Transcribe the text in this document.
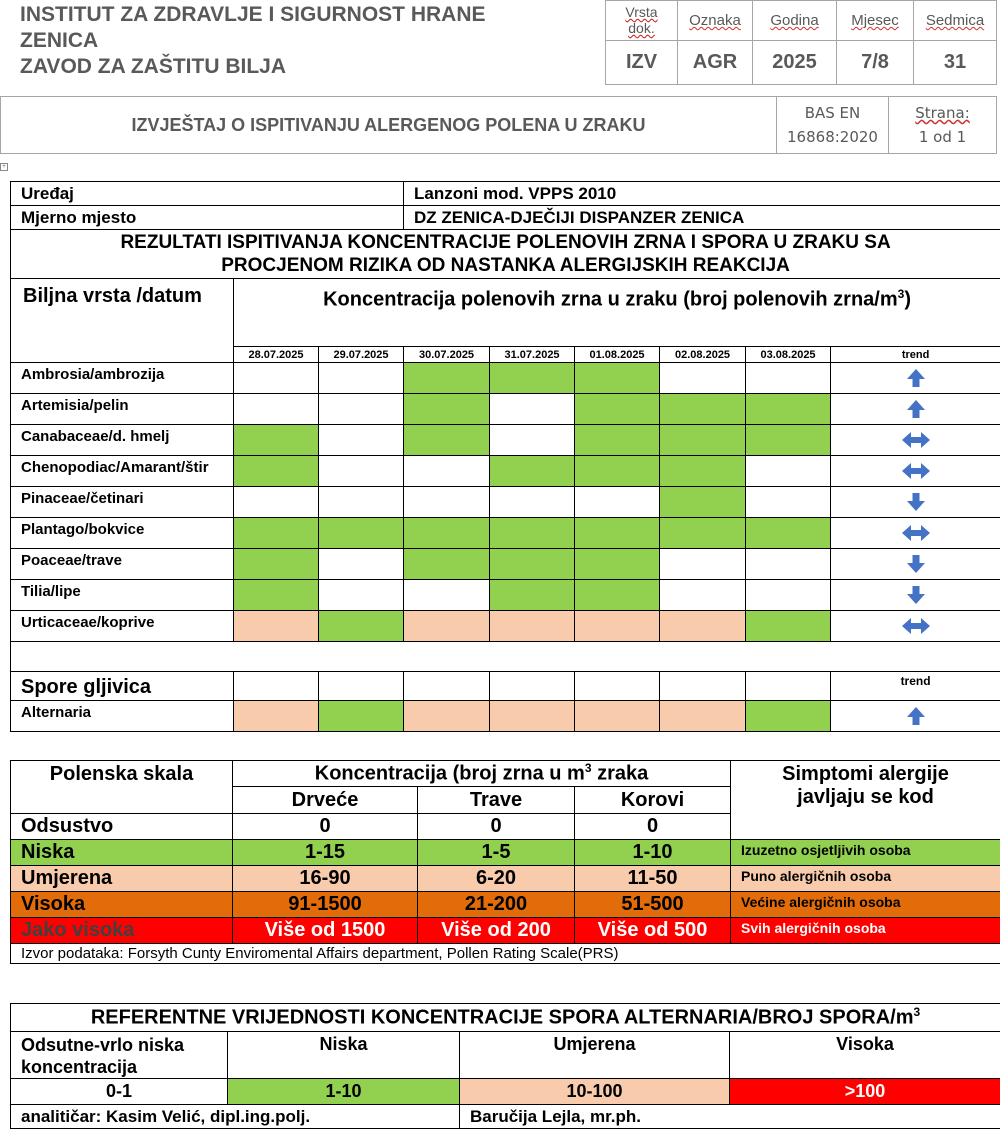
INSTITUT ZA ZDRAVLJE I SIGURNOST HRANE
ZENICA
ZAVOD ZA ZAŠTITU BILJA
Vrsta
dok.	Oznaka	Godina	Mjesec	Sedmica
IZV	AGR	2025	7/8	31
IZVJEŠTAJ O ISPITIVANJU ALERGENOG POLENA U ZRAKU	BAS EN
16868:2020	Strana:
1 od 1
+
Uređaj			Lanzoni mod. VPPS 2010					
Mjerno mjesto			DZ ZENICA-DJEČIJI DISPANZER ZENICA					

REZULTATI ISPITIVANJA KONCENTRACIJE POLENOVIH ZRNA I SPORA U ZRAKU SA
PROCJENOM RIZIKA OD NASTANKA ALERGIJSKIH REAKCIJA								

Biljna vrsta /datum	Koncentracija polenovih zrna u zraku (broj polenovih zrna/$m^3$)							
	28.07.2025	29.07.2025	30.07.2025	31.07.2025	01.08.2025	02.08.2025	03.08.2025	trend
Ambrosia/ambrozija								
Artemisia/pelin								
Canabaceae/d. hmelj								
Chenopodiac/Amarant/štir								
Pinaceae/četinari								
Plantago/bokvice								
Poaceae/trave								
Tilia/lipe								
Urticaceae/koprive								

Spore gljivica								trend
Alternaria								
Polenska skala	Koncentracija (broj zrna u $m^3$ zraka			Simptomi alergije
javljaju se kod

	Drveće	Trave	Korovi	
Odsustvo	0	0	0	
Niska	1-15	1-5	1-10	Izuzetno osjetljivih osoba
Umjerena	16-90	6-20	11-50	Puno alergičnih osoba
Visoka	91-1500	21-200	51-500	Većine alergičnih osoba
Jako visoka	Više od 1500	Više od 200	Više od 500	Svih alergičnih osoba
Izvor podataka: Forsyth Cunty Enviromental Affairs department, Pollen Rating Scale(PRS)				
REFERENTNE VRIJEDNOSTI KONCENTRACIJE SPORA ALTERNARIA/BROJ SPORA/$m^3$

Odsutne-vrlo niska
koncentracija	Niska	Umjerena	Visoka
0-1	1-10	10-100	>100
analitičar: Kasim Velić, dipl.ing.polj.		Baručija Lejla, mr.ph.	
